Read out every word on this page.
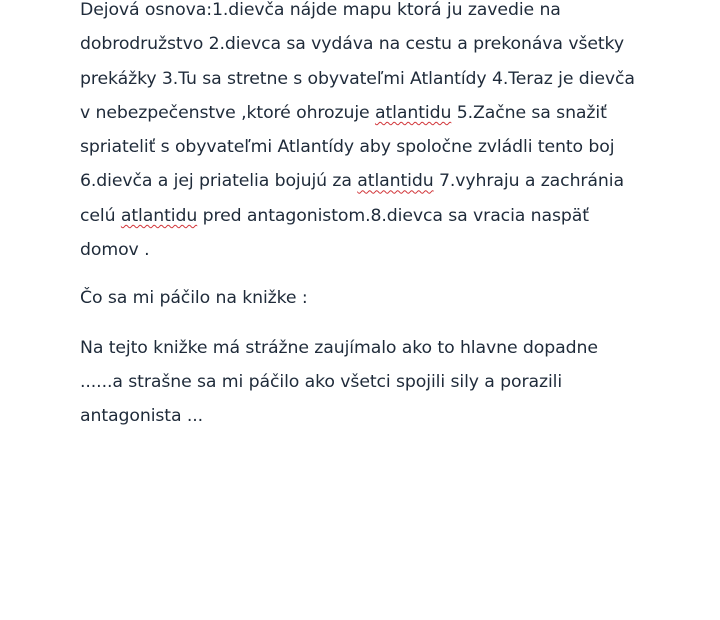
Dejová osnova:1.dievča nájde mapu ktorá ju zavedie na dobrodružstvo 2.dievca sa vydáva na cestu a prekonáva všetky prekážky 3.Tu sa stretne s obyvateľmi Atlantídy 4.Teraz je dievča v nebezpečenstve ,ktoré ohrozuje atlantidu 5.Začne sa snažiť spriateliť s obyvateľmi Atlantídy aby spoločne zvládli tento boj 6.dievča a jej priatelia bojujú za atlantidu 7.vyhraju a zachránia celú atlantidu pred antagonistom.8.dievca sa vracia naspäť domov .

Čo sa mi páčilo na knižke :

Na tejto knižke má strážne zaujímalo ako to hlavne dopadne ......a strašne sa mi páčilo ako všetci spojili sily a porazili antagonista ...
